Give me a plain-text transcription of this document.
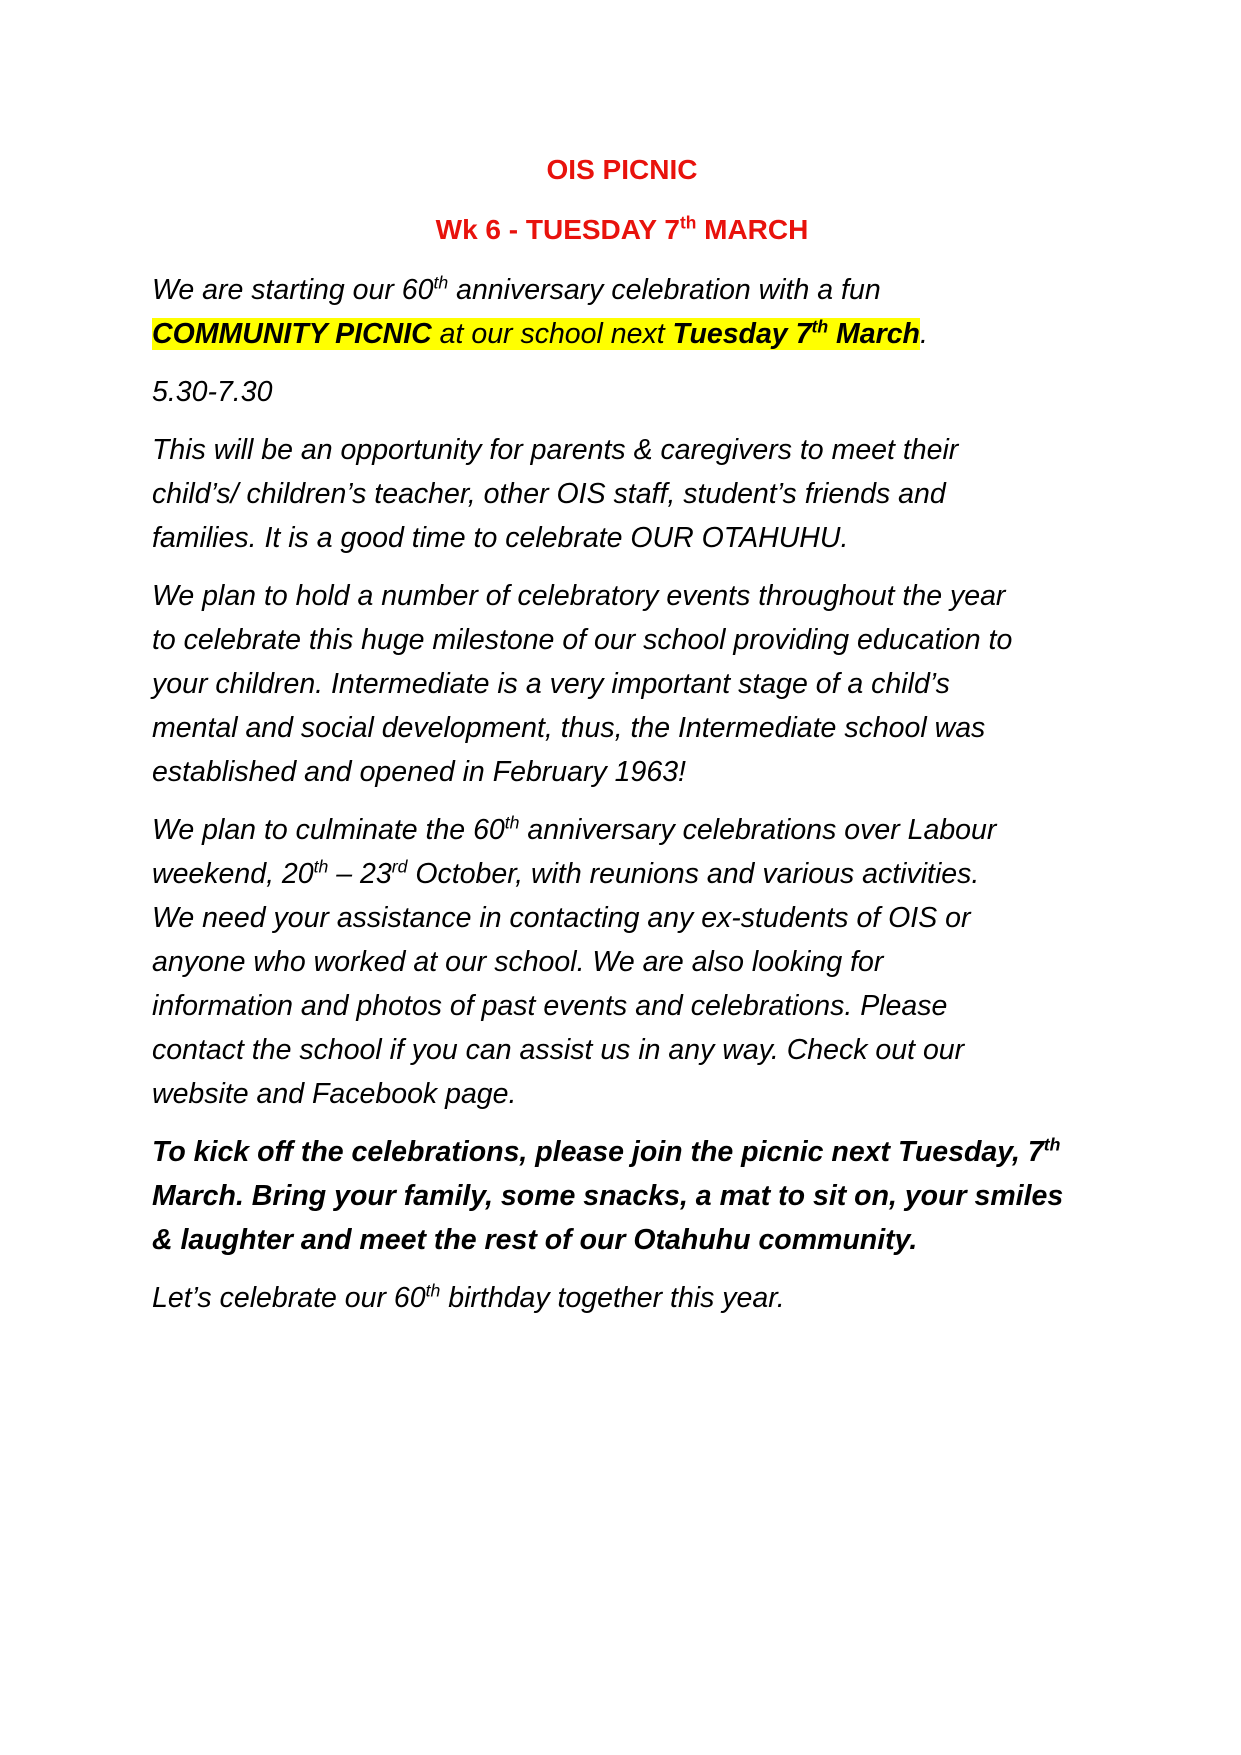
OIS PICNIC

Wk 6 - TUESDAY 7th MARCH

We are starting our 60th anniversary celebration with a fun
COMMUNITY PICNIC at our school next Tuesday 7th March.

5.30-7.30

This will be an opportunity for parents & caregivers to meet their
child’s/ children’s teacher, other OIS staff, student’s friends and
families. It is a good time to celebrate OUR OTAHUHU.

We plan to hold a number of celebratory events throughout the year
to celebrate this huge milestone of our school providing education to
your children. Intermediate is a very important stage of a child’s
mental and social development, thus, the Intermediate school was
established and opened in February 1963!

We plan to culminate the 60th anniversary celebrations over Labour
weekend, 20th – 23rd October, with reunions and various activities.
We need your assistance in contacting any ex-students of OIS or
anyone who worked at our school. We are also looking for
information and photos of past events and celebrations. Please
contact the school if you can assist us in any way. Check out our
website and Facebook page.

To kick off the celebrations, please join the picnic next Tuesday, 7th
March. Bring your family, some snacks, a mat to sit on, your smiles
& laughter and meet the rest of our Otahuhu community.

Let’s celebrate our 60th birthday together this year.
